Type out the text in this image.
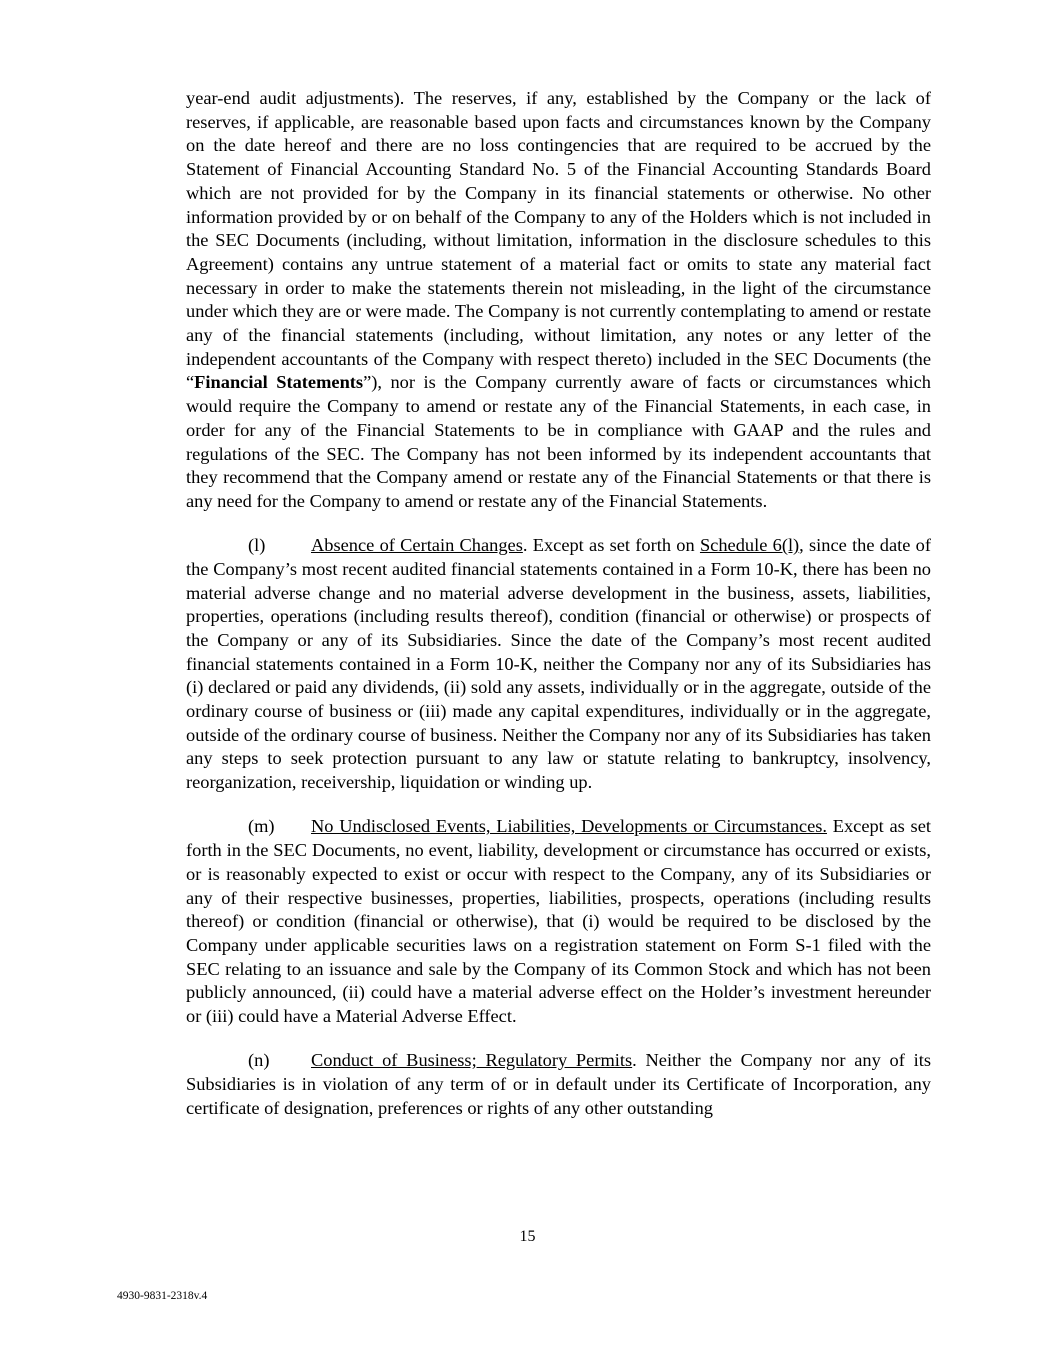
year-end audit adjustments). The reserves, if any, established by the Company or the lack of reserves, if applicable, are reasonable based upon facts and circumstances known by the Company on the date hereof and there are no loss contingencies that are required to be accrued by the Statement of Financial Accounting Standard No. 5 of the Financial Accounting Standards Board which are not provided for by the Company in its financial statements or otherwise. No other information provided by or on behalf of the Company to any of the Holders which is not included in the SEC Documents (including, without limitation, information in the disclosure schedules to this Agreement) contains any untrue statement of a material fact or omits to state any material fact necessary in order to make the statements therein not misleading, in the light of the circumstance under which they are or were made. The Company is not currently contemplating to amend or restate any of the financial statements (including, without limitation, any notes or any letter of the independent accountants of the Company with respect thereto) included in the SEC Documents (the “Financial Statements”), nor is the Company currently aware of facts or circumstances which would require the Company to amend or restate any of the Financial Statements, in each case, in order for any of the Financial Statements to be in compliance with GAAP and the rules and regulations of the SEC. The Company has not been informed by its independent accountants that they recommend that the Company amend or restate any of the Financial Statements or that there is any need for the Company to amend or restate any of the Financial Statements.

(l) Absence of Certain Changes. Except as set forth on Schedule 6(l), since the date of the Company’s most recent audited financial statements contained in a Form 10-K, there has been no material adverse change and no material adverse development in the business, assets, liabilities, properties, operations (including results thereof), condition (financial or otherwise) or prospects of the Company or any of its Subsidiaries. Since the date of the Company’s most recent audited financial statements contained in a Form 10-K, neither the Company nor any of its Subsidiaries has (i) declared or paid any dividends, (ii) sold any assets, individually or in the aggregate, outside of the ordinary course of business or (iii) made any capital expenditures, individually or in the aggregate, outside of the ordinary course of business. Neither the Company nor any of its Subsidiaries has taken any steps to seek protection pursuant to any law or statute relating to bankruptcy, insolvency, reorganization, receivership, liquidation or winding up.

(m) No Undisclosed Events, Liabilities, Developments or Circumstances. Except as set forth in the SEC Documents, no event, liability, development or circumstance has occurred or exists, or is reasonably expected to exist or occur with respect to the Company, any of its Subsidiaries or any of their respective businesses, properties, liabilities, prospects, operations (including results thereof) or condition (financial or otherwise), that (i) would be required to be disclosed by the Company under applicable securities laws on a registration statement on Form S-1 filed with the SEC relating to an issuance and sale by the Company of its Common Stock and which has not been publicly announced, (ii) could have a material adverse effect on the Holder’s investment hereunder or (iii) could have a Material Adverse Effect.

(n) Conduct of Business; Regulatory Permits. Neither the Company nor any of its Subsidiaries is in violation of any term of or in default under its Certificate of Incorporation, any certificate of designation, preferences or rights of any other outstanding

15
4930-9831-2318v.4
